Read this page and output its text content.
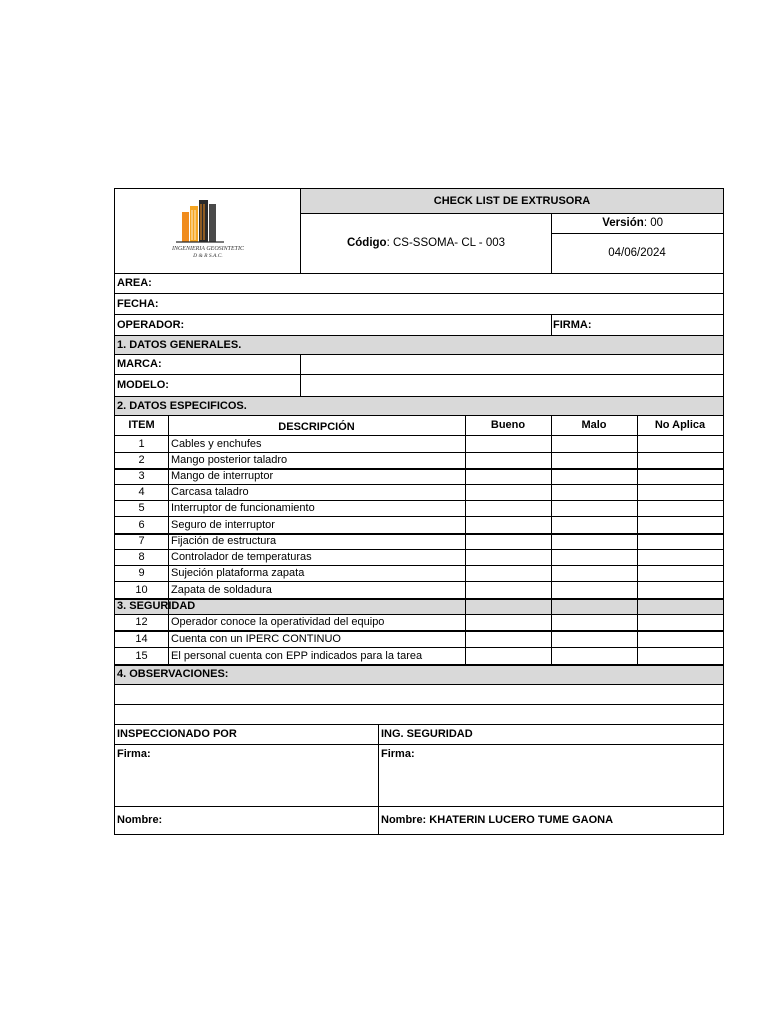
INGENIERIA GEOSINTETIC
D & R S.A.C.
CHECK LIST DE EXTRUSORA
Código : CS-SSOMA- CL - 003
Versión : 00
04/06/2024
AREA:
FECHA:
OPERADOR:	FIRMA:
1. DATOS GENERALES.
MARCA:
MODELO:
2. DATOS ESPECIFICOS.
ITEM	DESCRIPCIÓN	Bueno	Malo	No Aplica
1 Cables y enchufes
2 Mango posterior taladro
3 Mango de interruptor
4 Carcasa taladro
5 Interruptor de funcionamiento
6 Seguro de interruptor
7 Fijación de estructura
8 Controlador de temperaturas
9 Sujeción plataforma zapata
10 Zapata de soldadura
3. SEGURIDAD
12 Operador conoce la operatividad del equipo
14 Cuenta con un IPERC CONTINUO
15 El personal cuenta con EPP indicados para la tarea
4. OBSERVACIONES:
INSPECCIONADO POR	ING. SEGURIDAD
Firma:	Firma:
Nombre:	Nombre: KHATERIN LUCERO TUME GAONA
